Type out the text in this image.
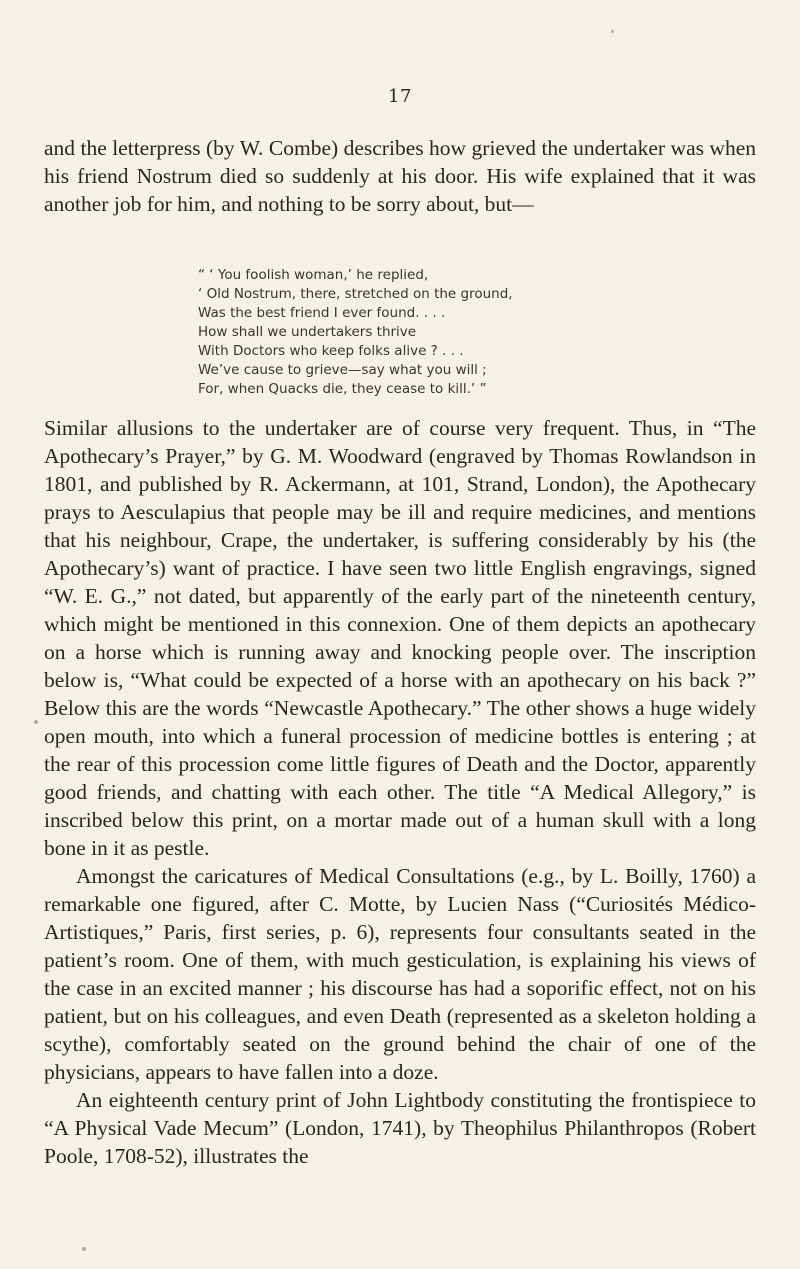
17

and the letterpress (by W. Combe) describes how grieved the undertaker was when his friend Nostrum died so suddenly at his door. His wife explained that it was another job for him, and nothing to be sorry about, but—

“ ‘ You foolish woman,’ he replied,
‘ Old Nostrum, there, stretched on the ground,
Was the best friend I ever found. . . .
How shall we undertakers thrive
With Doctors who keep folks alive ? . . .
We’ve cause to grieve—say what you will ;
For, when Quacks die, they cease to kill.’ ”

Similar allusions to the undertaker are of course very frequent. Thus, in “The Apothecary’s Prayer,” by G. M. Woodward (engraved by Thomas Rowlandson in 1801, and published by R. Ackermann, at 101, Strand, London), the Apothecary prays to Aesculapius that people may be ill and require medicines, and mentions that his neighbour, Crape, the undertaker, is suffering considerably by his (the Apothecary’s) want of practice. I have seen two little English engravings, signed “W. E. G.,” not dated, but apparently of the early part of the nineteenth century, which might be mentioned in this connexion. One of them depicts an apothecary on a horse which is running away and knocking people over. The inscription below is, “What could be expected of a horse with an apothecary on his back ?” Below this are the words “Newcastle Apothecary.” The other shows a huge widely open mouth, into which a funeral procession of medicine bottles is entering ; at the rear of this procession come little figures of Death and the Doctor, apparently good friends, and chatting with each other. The title “A Medical Allegory,” is inscribed below this print, on a mortar made out of a human skull with a long bone in it as pestle.

Amongst the caricatures of Medical Consultations (e.g., by L. Boilly, 1760) a remarkable one figured, after C. Motte, by Lucien Nass (“Curiosités Médico-Artistiques,” Paris, first series, p. 6), represents four consultants seated in the patient’s room. One of them, with much gesticulation, is explaining his views of the case in an excited manner ; his discourse has had a soporific effect, not on his patient, but on his colleagues, and even Death (represented as a skeleton holding a scythe), comfortably seated on the ground behind the chair of one of the physicians, appears to have fallen into a doze.

An eighteenth century print of John Lightbody constituting the frontispiece to “A Physical Vade Mecum” (London, 1741), by Theophilus Philanthropos (Robert Poole, 1708-52), illustrates the
